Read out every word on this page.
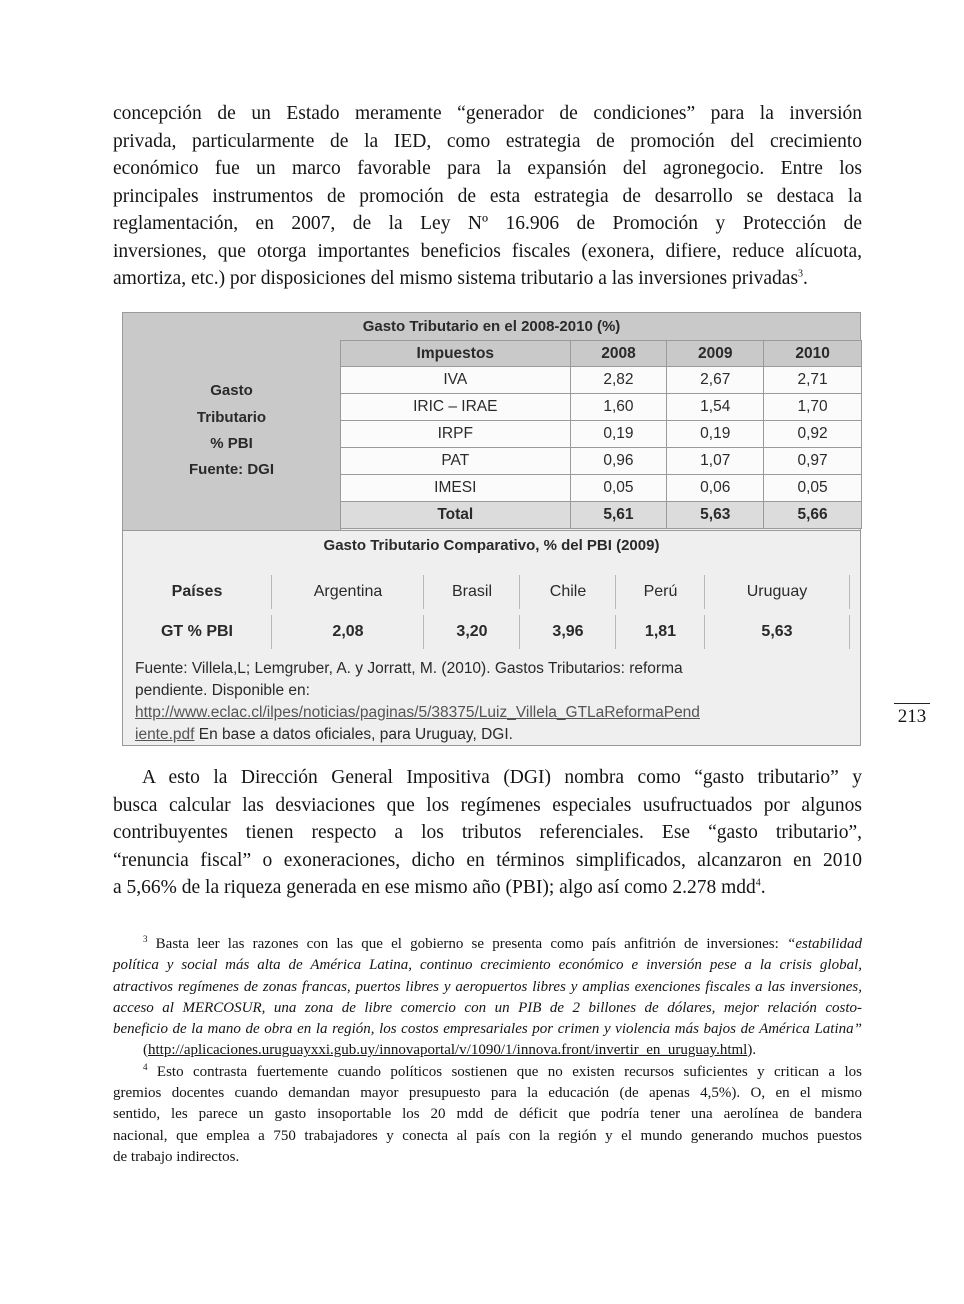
concepción de un Estado meramente “generador de condiciones” para la inversión
privada, particularmente de la IED, como estrategia de promoción del crecimiento
económico fue un marco favorable para la expansión del agronegocio. Entre los
principales instrumentos de promoción de esta estrategia de desarrollo se destaca la
reglamentación, en 2007, de la Ley Nº 16.906 de Promoción y Protección de
inversiones, que otorga importantes beneficios fiscales (exonera, difiere, reduce alícuota,
amortiza, etc.) por disposiciones del mismo sistema tributario a las inversiones privadas$^3$.
Gasto Tributario en el 2008-2010 (%)
Gasto
Tributario
% PBI
Fuente: DGI
Impuestos	2008	2009	2010
IVA	2,82	2,67	2,71
IRIC – IRAE	1,60	1,54	1,70
IRPF	0,19	0,19	0,92
PAT	0,96	1,07	0,97
IMESI	0,05	0,06	0,05
Total	5,61	5,63	5,66
Gasto Tributario Comparativo, % del PBI (2009)
Países	Argentina	Brasil	Chile	Perú	Uruguay
GT % PBI	2,08	3,20	3,96	1,81	5,63
Fuente: Villela,L; Lemgruber, A. y Jorratt, M. (2010). Gastos Tributarios: reforma
pendiente. Disponible en:
http://www.eclac.cl/ilpes/noticias/paginas/5/38375/Luiz_Villela_GTLaReformaPend
iente.pdf En base a datos oficiales, para Uruguay, DGI.
213
A esto la Dirección General Impositiva (DGI) nombra como “gasto tributario” y
busca calcular las desviaciones que los regímenes especiales usufructuados por algunos
contribuyentes tienen respecto a los tributos referenciales. Ese “gasto tributario”,
“renuncia fiscal” o exoneraciones, dicho en términos simplificados, alcanzaron en 2010
a 5,66% de la riqueza generada en ese mismo año (PBI); algo así como 2.278 mdd$^4$.
$^3$ Basta leer las razones con las que el gobierno se presenta como país anfitrión de inversiones: “estabilidad
política y social más alta de América Latina, continuo crecimiento económico e inversión pese a la crisis global,
atractivos regímenes de zonas francas, puertos libres y aeropuertos libres y amplias exenciones fiscales a las inversiones,
acceso al MERCOSUR, una zona de libre comercio con un PIB de 2 billones de dólares, mejor relación costo-
beneficio de la mano de obra en la región, los costos empresariales por crimen y violencia más bajos de América Latina”
(http://aplicaciones.uruguayxxi.gub.uy/innovaportal/v/1090/1/innova.front/invertir_en_uruguay.html).
$^4$ Esto contrasta fuertemente cuando políticos sostienen que no existen recursos suficientes y critican a los
gremios docentes cuando demandan mayor presupuesto para la educación (de apenas 4,5%). O, en el mismo
sentido, les parece un gasto insoportable los 20 mdd de déficit que podría tener una aerolínea de bandera
nacional, que emplea a 750 trabajadores y conecta al país con la región y el mundo generando muchos puestos
de trabajo indirectos.
